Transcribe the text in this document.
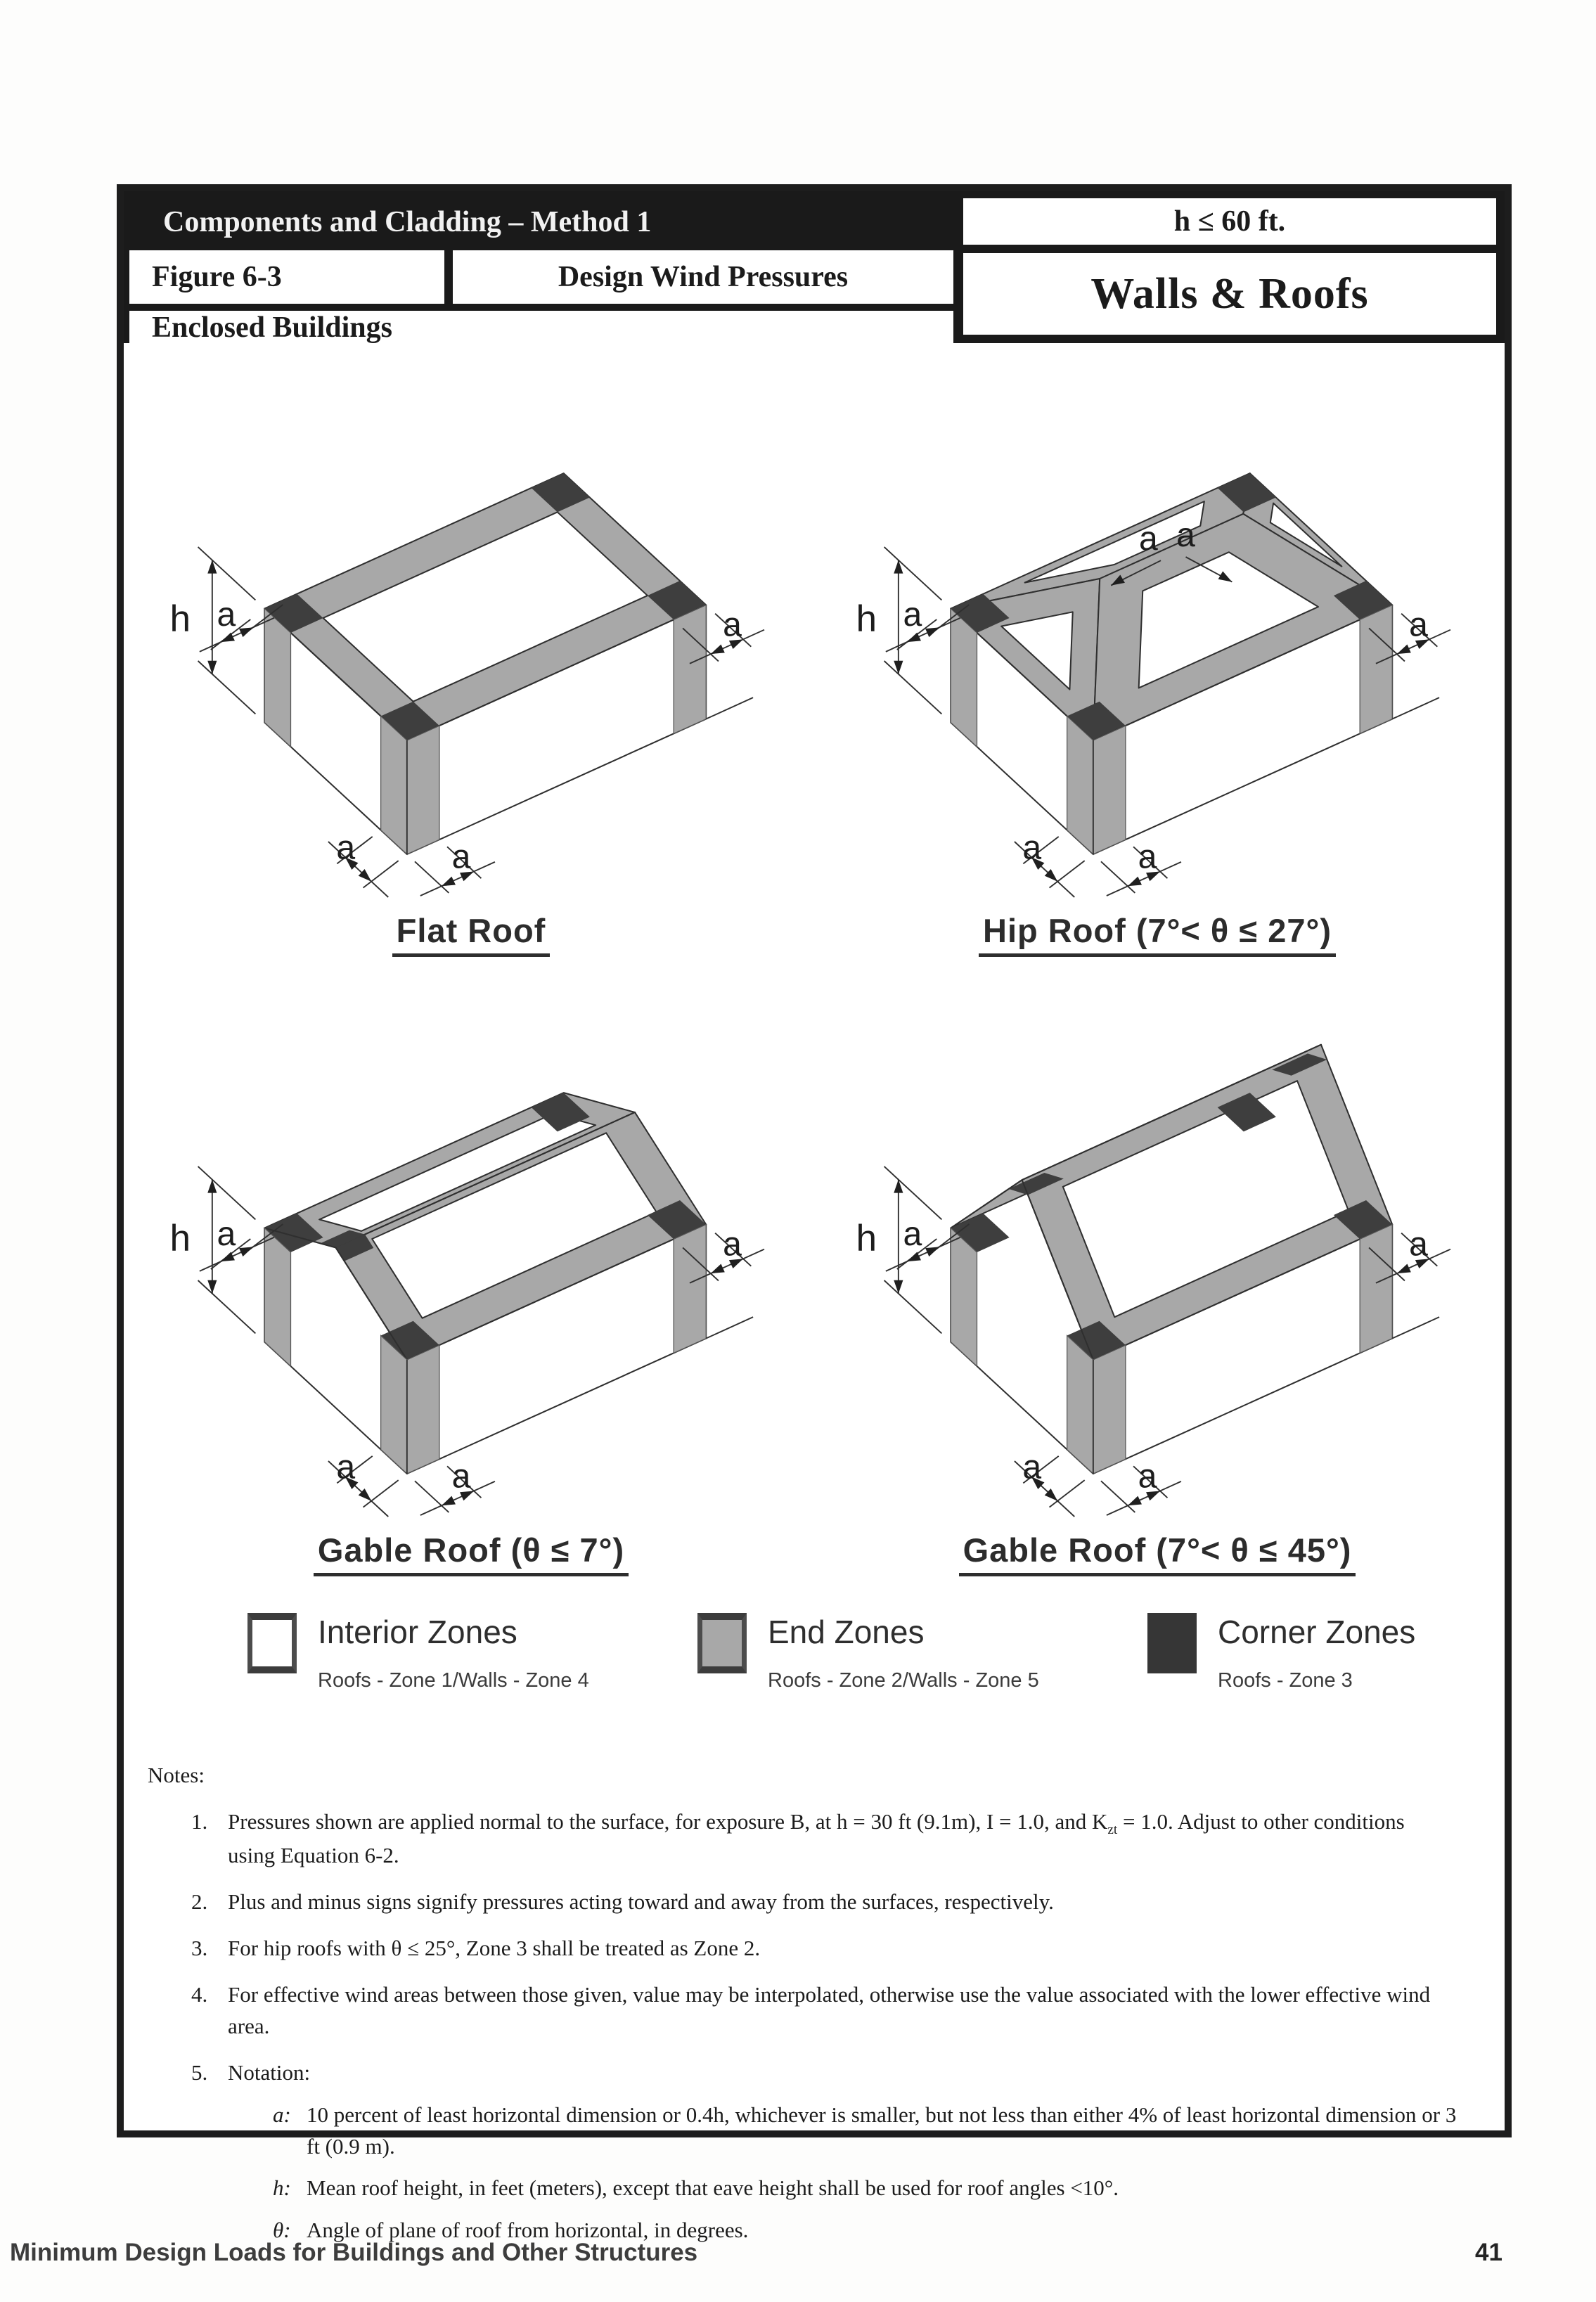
Components and Cladding – Method 1
Figure 6-3	Design Wind Pressures
Enclosed Buildings
h ≤ 60 ft.
Walls & Roofs
a
a	a
a
h
Flat Roof
a
a	a
a
h
a a
Hip Roof (7°< θ ≤ 27°)
a
a	a
a
h
Gable Roof (θ ≤ 7°)
a
a	a
a
h
Gable Roof (7°< θ ≤ 45°)
Interior Zones
Roofs - Zone 1/Walls - Zone 4
End Zones
Roofs - Zone 2/Walls - Zone 5
Corner Zones
Roofs - Zone 3
Notes:
1. Pressures shown are applied normal to the surface, for exposure B, at h = 30 ft (9.1m), I = 1.0, and $K_{zt} = 1.0$. Adjust to other conditions using Equation 6-2.
2. Plus and minus signs signify pressures acting toward and away from the surfaces, respectively.
3. For hip roofs with θ ≤ 25°, Zone 3 shall be treated as Zone 2.
4. For effective wind areas between those given, value may be interpolated, otherwise use the value associated with the lower effective wind area.
5. Notation:
a: 10 percent of least horizontal dimension or 0.4h, whichever is smaller, but not less than either 4% of least horizontal dimension or 3 ft (0.9 m).
h: Mean roof height, in feet (meters), except that eave height shall be used for roof angles <10°.
θ: Angle of plane of roof from horizontal, in degrees.
Minimum Design Loads for Buildings and Other Structures	41
